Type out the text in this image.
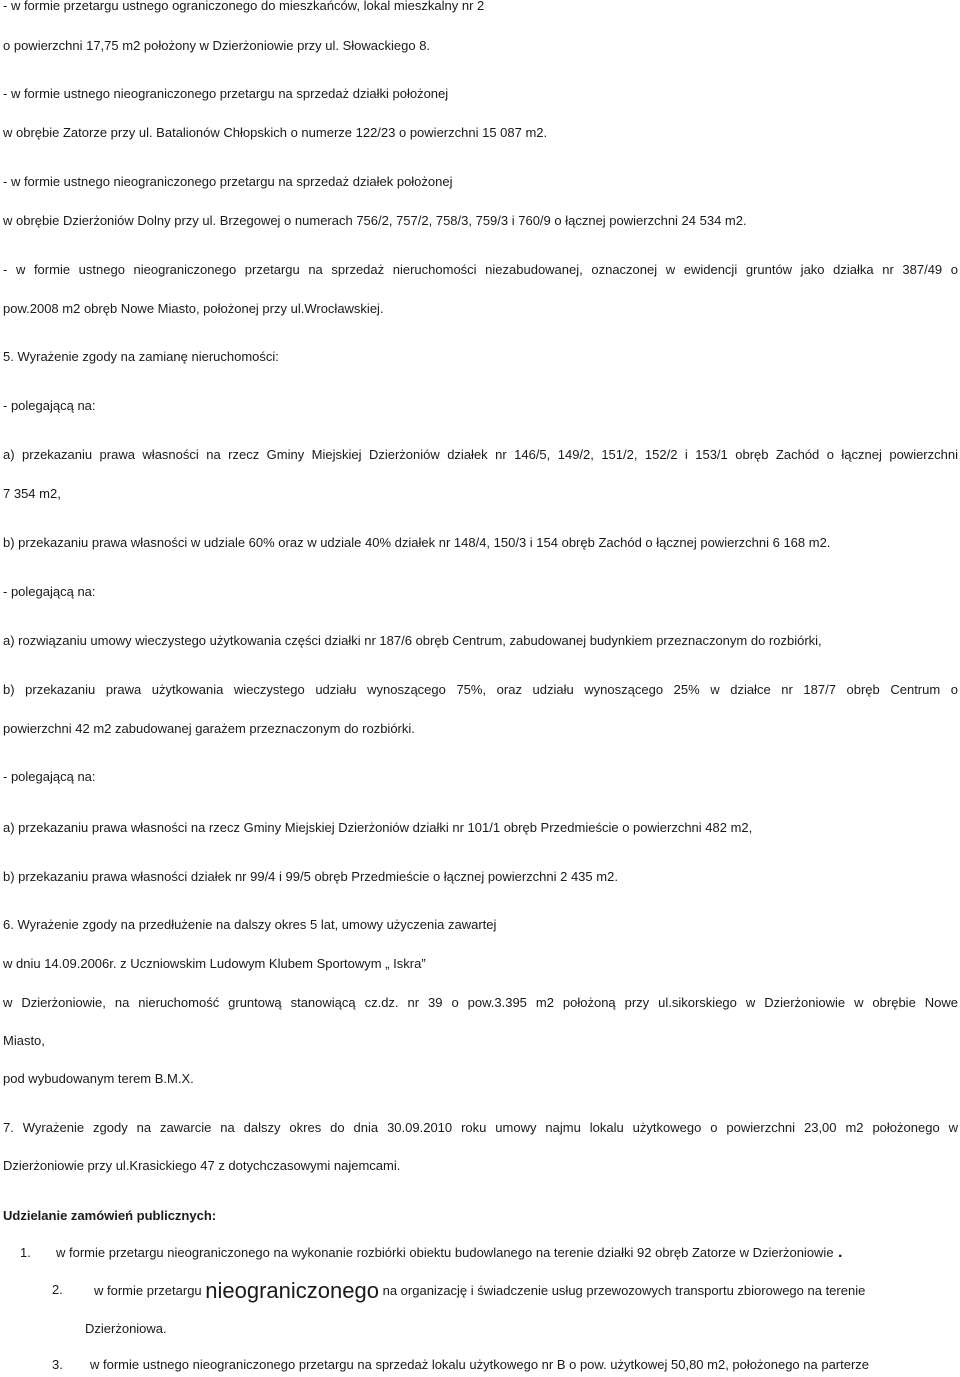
- w formie przetargu ustnego ograniczonego do mieszkańców, lokal mieszkalny nr 2
o powierzchni 17,75 m2 położony w Dzierżoniowie przy ul. Słowackiego 8.
- w formie ustnego nieograniczonego przetargu na sprzedaż działki położonej
w obrębie Zatorze przy ul. Batalionów Chłopskich o numerze 122/23 o powierzchni 15 087 m2.
- w formie ustnego nieograniczonego przetargu na sprzedaż działek położonej
w obrębie Dzierżoniów Dolny przy ul. Brzegowej o numerach 756/2, 757/2, 758/3, 759/3 i 760/9 o łącznej powierzchni 24 534 m2.
- w formie ustnego nieograniczonego przetargu na sprzedaż nieruchomości niezabudowanej, oznaczonej w ewidencji gruntów jako działka nr 387/49 o
pow.2008 m2 obręb Nowe Miasto, położonej przy ul.Wrocławskiej.
5. Wyrażenie zgody na zamianę nieruchomości:
- polegającą na:
a) przekazaniu prawa własności na rzecz Gminy Miejskiej Dzierżoniów działek nr 146/5, 149/2, 151/2, 152/2 i 153/1 obręb Zachód o łącznej powierzchni
7 354 m2,
b) przekazaniu prawa własności w udziale 60% oraz w udziale 40% działek nr 148/4, 150/3 i 154 obręb Zachód o łącznej powierzchni 6 168 m2.
- polegającą na:
a) rozwiązaniu umowy wieczystego użytkowania części działki nr 187/6 obręb Centrum, zabudowanej budynkiem przeznaczonym do rozbiórki,
b) przekazaniu prawa użytkowania wieczystego udziału wynoszącego 75%, oraz udziału wynoszącego 25% w działce nr 187/7 obręb Centrum o
powierzchni 42 m2 zabudowanej garażem przeznaczonym do rozbiórki.
- polegającą na:
a) przekazaniu prawa własności na rzecz Gminy Miejskiej Dzierżoniów działki nr 101/1 obręb Przedmieście o powierzchni 482 m2,
b) przekazaniu prawa własności działek nr 99/4 i 99/5 obręb Przedmieście o łącznej powierzchni 2 435 m2.
6. Wyrażenie zgody na przedłużenie na dalszy okres 5 lat, umowy użyczenia zawartej
w dniu 14.09.2006r. z Uczniowskim Ludowym Klubem Sportowym „ Iskra”
w Dzierżoniowie, na nieruchomość gruntową stanowiącą cz.dz. nr 39 o pow.3.395 m2 położoną przy ul.sikorskiego w Dzierżoniowie w obrębie Nowe
Miasto,
pod wybudowanym terem B.M.X.
7. Wyrażenie zgody na zawarcie na dalszy okres do dnia 30.09.2010 roku umowy najmu lokalu użytkowego o powierzchni 23,00 m2 położonego w
Dzierżoniowie przy ul.Krasickiego 47 z dotychczasowymi najemcami.
Udzielanie zamówień publicznych:
1. w formie przetargu nieograniczonego na wykonanie rozbiórki obiektu budowlanego na terenie działki 92 obręb Zatorze w Dzierżoniowie .
2. w formie przetargu nieograniczonego na organizację i świadczenie usług przewozowych transportu zbiorowego na terenie
Dzierżoniowa.
3. w formie ustnego nieograniczonego przetargu na sprzedaż lokalu użytkowego nr B o pow. użytkowej 50,80 m2, położonego na parterze
